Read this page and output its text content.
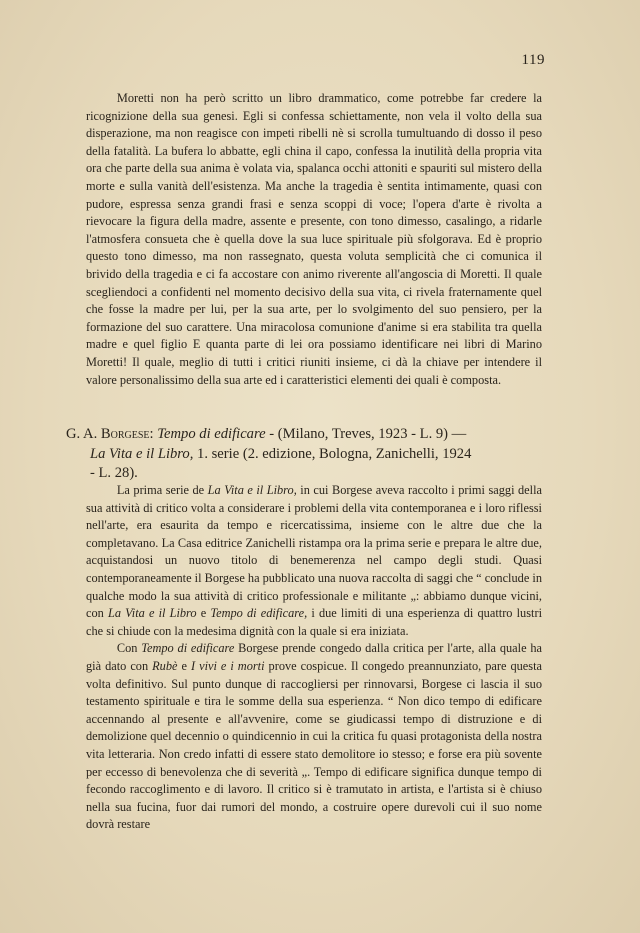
119

Moretti non ha però scritto un libro drammatico, come potrebbe far credere la ricognizione della sua genesi. Egli si confessa schiettamente, non vela il volto della sua disperazione, ma non reagisce con impeti ribelli nè si scrolla tumultuando di dosso il peso della fatalità. La bufera lo abbatte, egli china il capo, confessa la inutilità della propria vita ora che parte della sua anima è volata via, spalanca occhi attoniti e spauriti sul mistero della morte e sulla vanità dell'esistenza. Ma anche la tragedia è sentita intimamente, quasi con pudore, espressa senza grandi frasi e senza scoppi di voce; l'opera d'arte è rivolta a rievocare la figura della madre, assente e presente, con tono dimesso, casalingo, a ridarle l'atmosfera consueta che è quella dove la sua luce spirituale più sfolgorava. Ed è proprio questo tono dimesso, ma non rassegnato, questa voluta semplicità che ci comunica il brivido della tragedia e ci fa accostare con animo riverente all'angoscia di Moretti. Il quale scegliendoci a confidenti nel momento decisivo della sua vita, ci rivela fraternamente quel che fosse la madre per lui, per la sua arte, per lo svolgimento del suo pensiero, per la formazione del suo carattere. Una miracolosa comunione d'anime si era stabilita tra quella madre e quel figlio E quanta parte di lei ora possiamo identificare nei libri di Marino Moretti! Il quale, meglio di tutti i critici riuniti insieme, ci dà la chiave per intendere il valore personalissimo della sua arte ed i caratteristici elementi dei quali è composta.

G. A. Borgese: Tempo di edificare - (Milano, Treves, 1923 - L. 9) —
La Vita e il Libro, 1. serie (2. edizione, Bologna, Zanichelli, 1924
- L. 28).

La prima serie de La Vita e il Libro, in cui Borgese aveva raccolto i primi saggi della sua attività di critico volta a considerare i problemi della vita contemporanea e i loro riflessi nell'arte, era esaurita da tempo e ricercatissima, insieme con le altre due che la completavano. La Casa editrice Zanichelli ristampa ora la prima serie e prepara le altre due, acquistandosi un nuovo titolo di benemerenza nel campo degli studi. Quasi contemporaneamente il Borgese ha pubblicato una nuova raccolta di saggi che “ conclude in qualche modo la sua attività di critico professionale e militante „: abbiamo dunque vicini, con La Vita e il Libro e Tempo di edificare, i due limiti di una esperienza di quattro lustri che si chiude con la medesima dignità con la quale si era iniziata.

Con Tempo di edificare Borgese prende congedo dalla critica per l'arte, alla quale ha già dato con Rubè e I vivi e i morti prove cospicue. Il congedo preannunziato, pare questa volta definitivo. Sul punto dunque di raccogliersi per rinnovarsi, Borgese ci lascia il suo testamento spirituale e tira le somme della sua esperienza. “ Non dico tempo di edificare accennando al presente e all'avvenire, come se giudicassi tempo di distruzione e di demolizione quel decennio o quindicennio in cui la critica fu quasi protagonista della nostra vita letteraria. Non credo infatti di essere stato demolitore io stesso; e forse era più sovente per eccesso di benevolenza che di severità „. Tempo di edificare significa dunque tempo di fecondo raccoglimento e di lavoro. Il critico si è tramutato in artista, e l'artista si è chiuso nella sua fucina, fuor dai rumori del mondo, a costruire opere durevoli cui il suo nome dovrà restare
